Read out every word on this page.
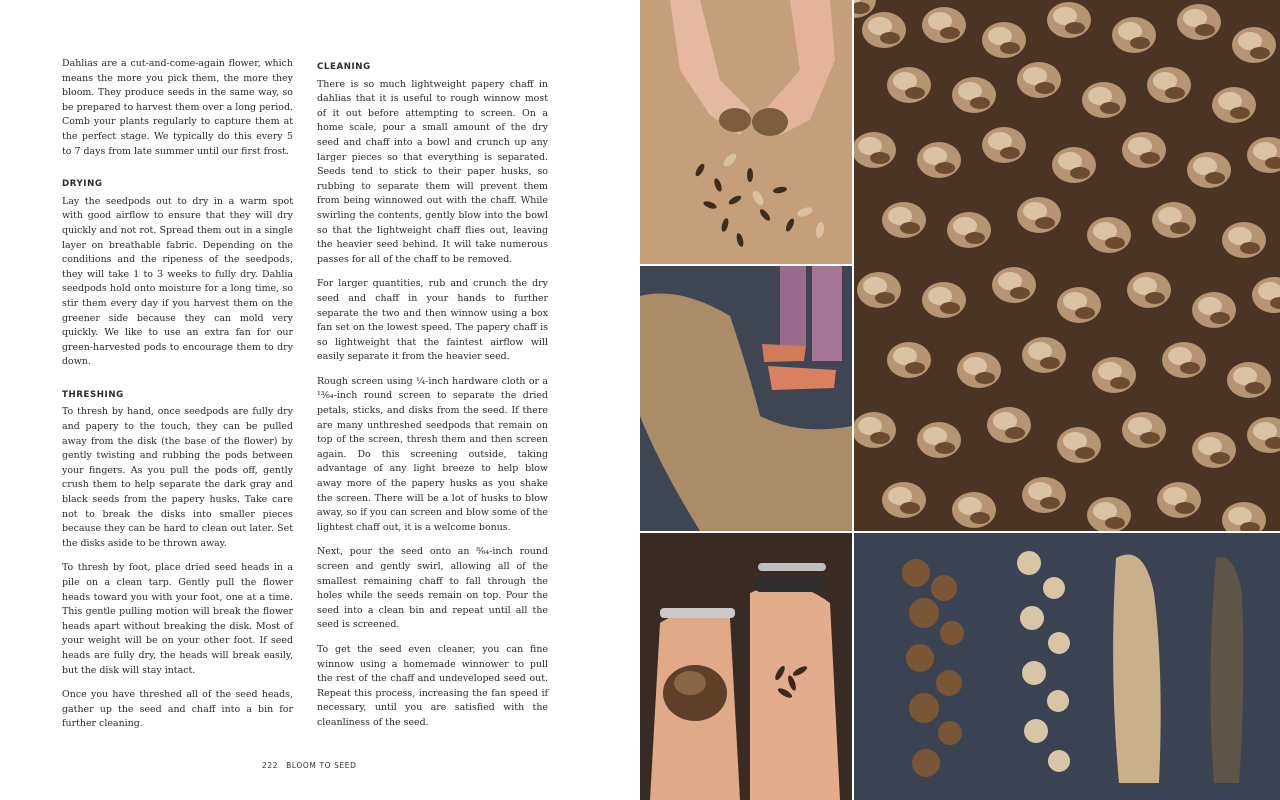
Dahlias are a cut-and-come-again flower, which means the more you pick them, the more they bloom. They produce seeds in the same way, so be prepared to harvest them over a long period. Comb your plants regularly to capture them at the perfect stage. We typically do this every 5 to 7 days from late summer until our first frost.

DRYING

Lay the seedpods out to dry in a warm spot with good airflow to ensure that they will dry quickly and not rot. Spread them out in a single layer on breathable fabric. Depending on the conditions and the ripeness of the seedpods, they will take 1 to 3 weeks to fully dry. Dahlia seedpods hold onto moisture for a long time, so stir them every day if you harvest them on the greener side because they can mold very quickly. We like to use an extra fan for our green-harvested pods to encourage them to dry down.

THRESHING

To thresh by hand, once seedpods are fully dry and papery to the touch, they can be pulled away from the disk (the base of the flower) by gently twisting and rubbing the pods between your fingers. As you pull the pods off, gently crush them to help separate the dark gray and black seeds from the papery husks. Take care not to break the disks into smaller pieces because they can be hard to clean out later. Set the disks aside to be thrown away.

To thresh by foot, place dried seed heads in a pile on a clean tarp. Gently pull the flower heads toward you with your foot, one at a time. This gentle pulling motion will break the flower heads apart without breaking the disk. Most of your weight will be on your other foot. If seed heads are fully dry, the heads will break easily, but the disk will stay intact.

Once you have threshed all of the seed heads, gather up the seed and chaff into a bin for further cleaning.

CLEANING

There is so much lightweight papery chaff in dahlias that it is useful to rough winnow most of it out before attempting to screen. On a home scale, pour a small amount of the dry seed and chaff into a bowl and crunch up any larger pieces so that everything is separated. Seeds tend to stick to their paper husks, so rubbing to separate them will prevent them from being winnowed out with the chaff. While swirling the contents, gently blow into the bowl so that the lightweight chaff flies out, leaving the heavier seed behind. It will take numerous passes for all of the chaff to be removed.

For larger quantities, rub and crunch the dry seed and chaff in your hands to further separate the two and then winnow using a box fan set on the lowest speed. The papery chaff is so lightweight that the faintest airflow will easily separate it from the heavier seed.

Rough screen using ¼-inch hardware cloth or a ¹³⁄₆₄-inch round screen to separate the dried petals, sticks, and disks from the seed. If there are many unthreshed seedpods that remain on top of the screen, thresh them and then screen again. Do this screening outside, taking advantage of any light breeze to help blow away more of the papery husks as you shake the screen. There will be a lot of husks to blow away, so if you can screen and blow some of the lightest chaff out, it is a welcome bonus.

Next, pour the seed onto an ⁸⁄₆₄-inch round screen and gently swirl, allowing all of the smallest remaining chaff to fall through the holes while the seeds remain on top. Pour the seed into a clean bin and repeat until all the seed is screened.

To get the seed even cleaner, you can fine winnow using a homemade winnower to pull the rest of the chaff and undeveloped seed out. Repeat this process, increasing the fan speed if necessary, until you are satisfied with the cleanliness of the seed.

222 BLOOM TO SEED
